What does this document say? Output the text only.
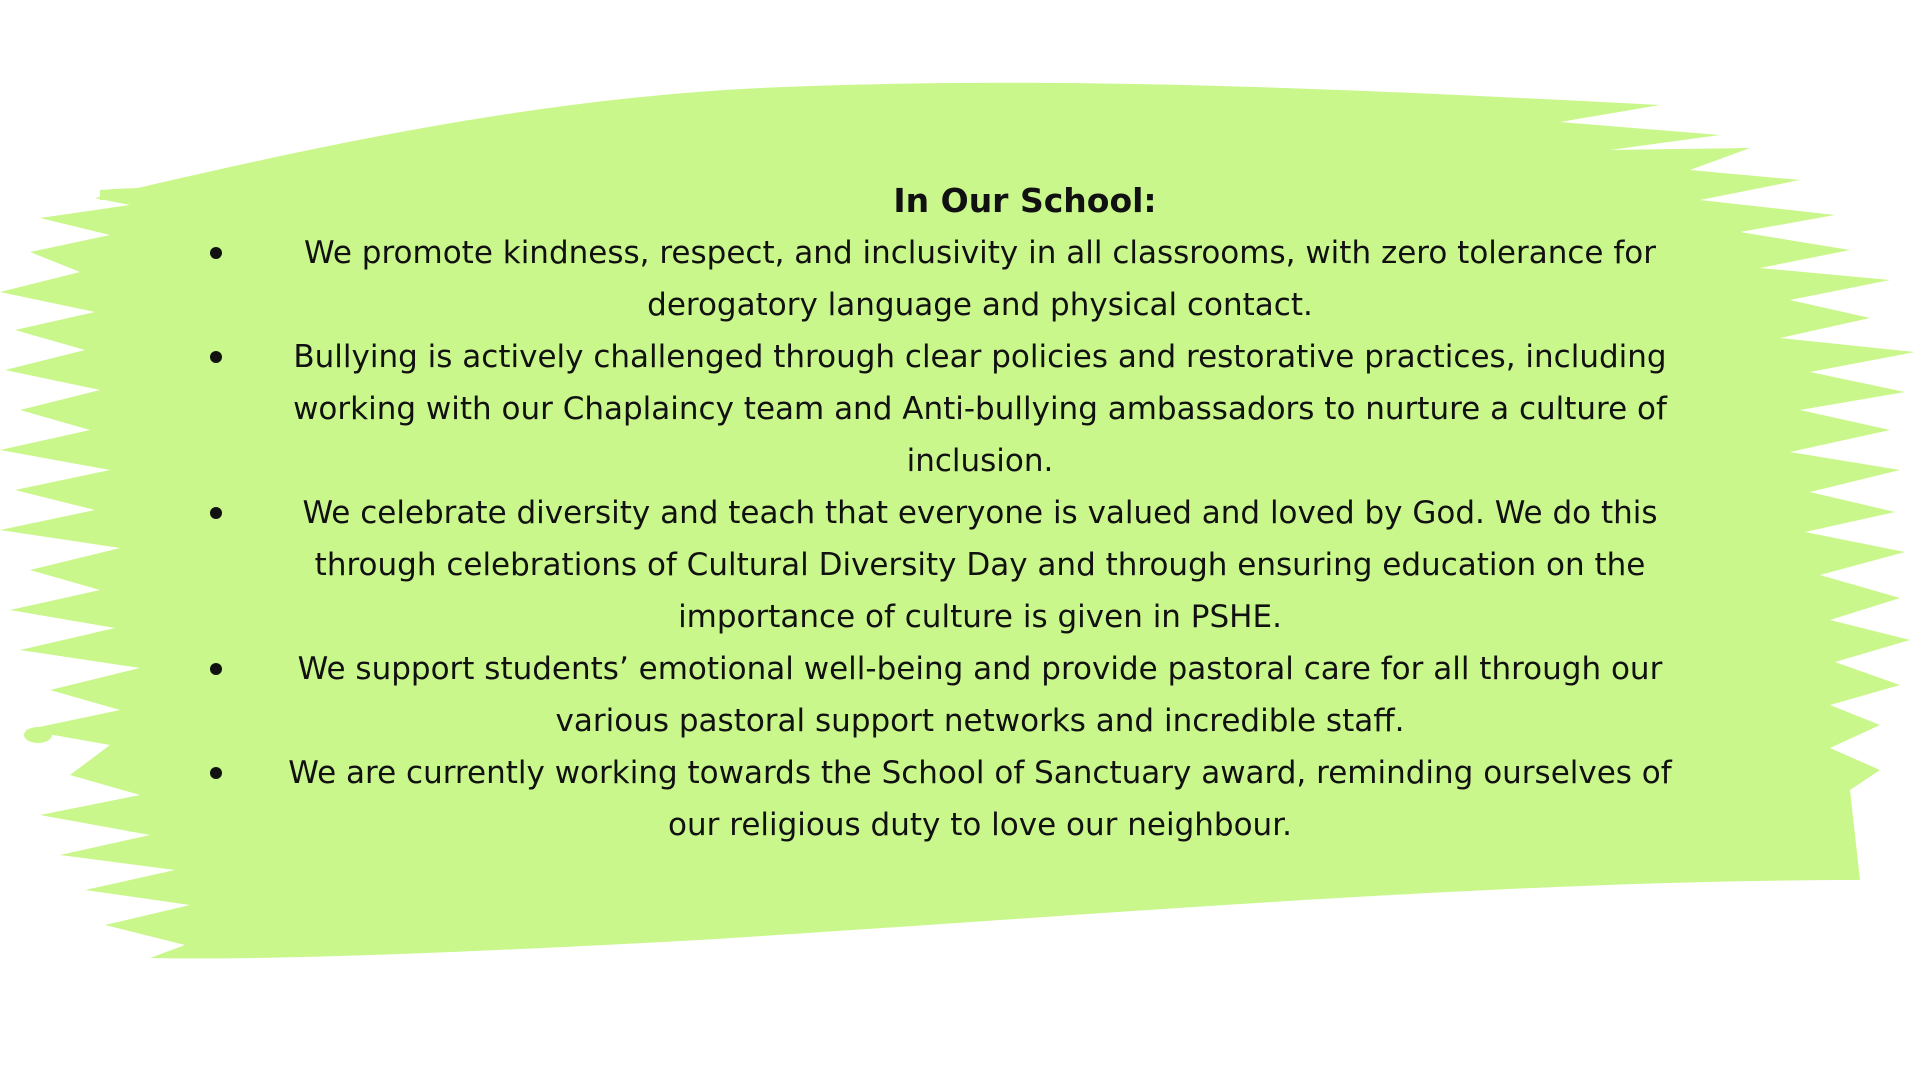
In Our School:
We promote kindness, respect, and inclusivity in all classrooms, with zero tolerance for derogatory language and physical contact.
Bullying is actively challenged through clear policies and restorative practices, including working with our Chaplaincy team and Anti-bullying ambassadors to nurture a culture of inclusion.
We celebrate diversity and teach that everyone is valued and loved by God. We do this through celebrations of Cultural Diversity Day and through ensuring education on the importance of culture is given in PSHE.
We support students’ emotional well-being and provide pastoral care for all through our various pastoral support networks and incredible staff.
We are currently working towards the School of Sanctuary award, reminding ourselves of our religious duty to love our neighbour.
